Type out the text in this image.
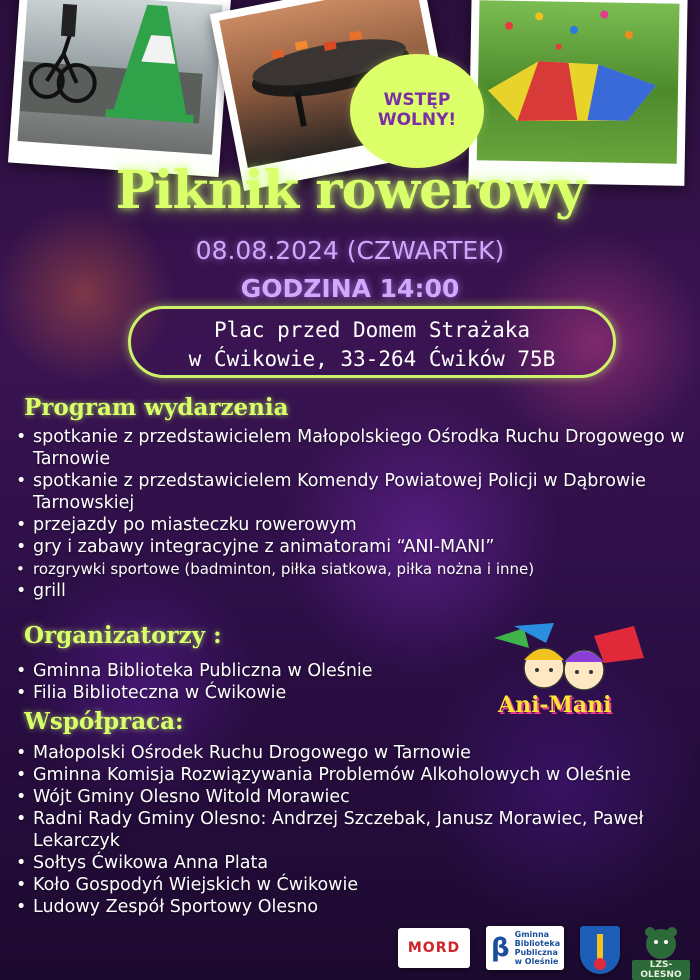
WSTĘP
WOLNY!
Piknik rowerowy
08.08.2024 (CZWARTEK)
GODZINA 14:00
Plac przed Domem Strażaka
w Ćwikowie, 33-264 Ćwików 75B
Program wydarzenia
• spotkanie z przedstawicielem Małopolskiego Ośrodka Ruchu Drogowego w Tarnowie
• spotkanie z przedstawicielem Komendy Powiatowej Policji w Dąbrowie Tarnowskiej
• przejazdy po miasteczku rowerowym
• gry i zabawy integracyjne z animatorami “ANI-MANI”
• rozgrywki sportowe (badminton, piłka siatkowa, piłka nożna i inne)
• grill
Organizatorzy :
• Gminna Biblioteka Publiczna w Oleśnie
• Filia Biblioteczna w Ćwikowie	Ani-Mani
Współpraca:
• Małopolski Ośrodek Ruchu Drogowego w Tarnowie
• Gminna Komisja Rozwiązywania Problemów Alkoholowych w Oleśnie
• Wójt Gminy Olesno Witold Morawiec
• Radni Rady Gminy Olesno: Andrzej Szczebak, Janusz Morawiec, Paweł Lekarczyk
• Sołtys Ćwikowa Anna Plata
• Koło Gospodyń Wiejskich w Ćwikowie
• Ludowy Zespół Sportowy Olesno
MORD β Gminna
Biblioteka
Publiczna
w Oleśnie	LZS-OLESNO
